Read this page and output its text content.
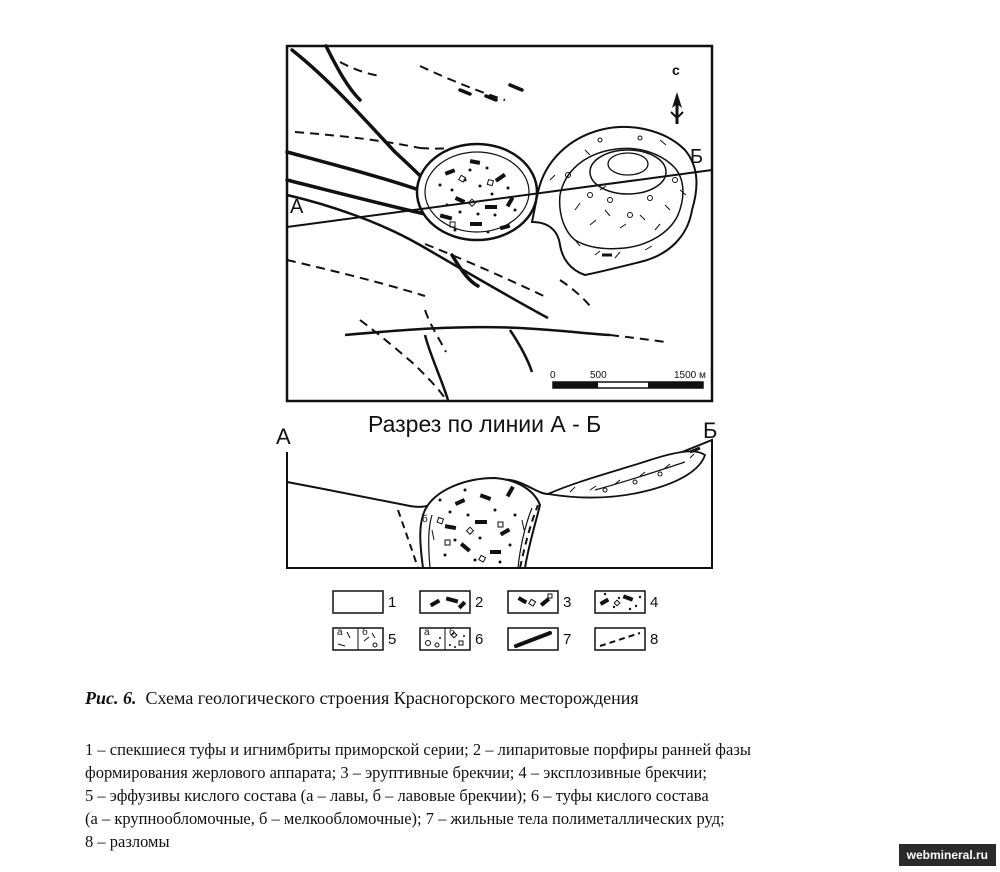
с
А
Б
0	500	1500 м
Разрез по линии А - Б
А	Б
б
1	2	3	4
5	6	7	8
а б	а б
Рис. 6. Схема геологического строения Красногорского месторождения
1 – спекшиеся туфы и игнимбриты приморской серии; 2 – липаритовые порфиры ранней фазы
формирования жерлового аппарата; 3 – эруптивные брекчии; 4 – эксплозивные брекчии;
5 – эффузивы кислого состава (а – лавы, б – лавовые брекчии); 6 – туфы кислого состава
(а – крупнообломочные, б – мелкообломочные); 7 – жильные тела полиметаллических руд;
8 – разломы
webmineral.ru
